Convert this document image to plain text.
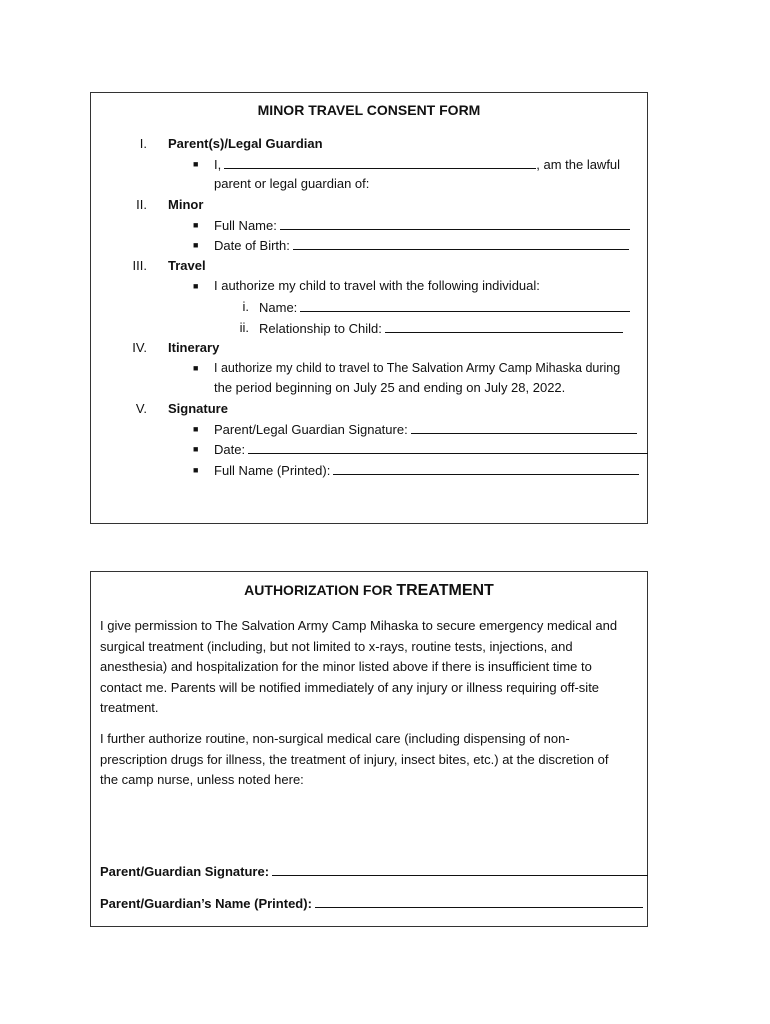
MINOR TRAVEL CONSENT FORM
I. Parent(s)/Legal Guardian
■ I,	, am the lawful
parent or legal guardian of:
II. Minor
■ Full Name:
■ Date of Birth:
III. Travel
■ I authorize my child to travel with the following individual:
i. Name:
ii. Relationship to Child:
IV. Itinerary
■ I authorize my child to travel to The Salvation Army Camp Mihaska during
the period beginning on July 25 and ending on July 28, 2022.
V. Signature
■ Parent/Legal Guardian Signature:
■ Date:
■ Full Name (Printed):
AUTHORIZATION FOR TREATMENT
I give permission to The Salvation Army Camp Mihaska to secure emergency medical and
surgical treatment (including, but not limited to x-rays, routine tests, injections, and
anesthesia) and hospitalization for the minor listed above if there is insufficient time to
contact me. Parents will be notified immediately of any injury or illness requiring off-site
treatment.
I further authorize routine, non-surgical medical care (including dispensing of non-
prescription drugs for illness, the treatment of injury, insect bites, etc.) at the discretion of
the camp nurse, unless noted here:
Parent/Guardian Signature:
Parent/Guardian’s Name (Printed):
